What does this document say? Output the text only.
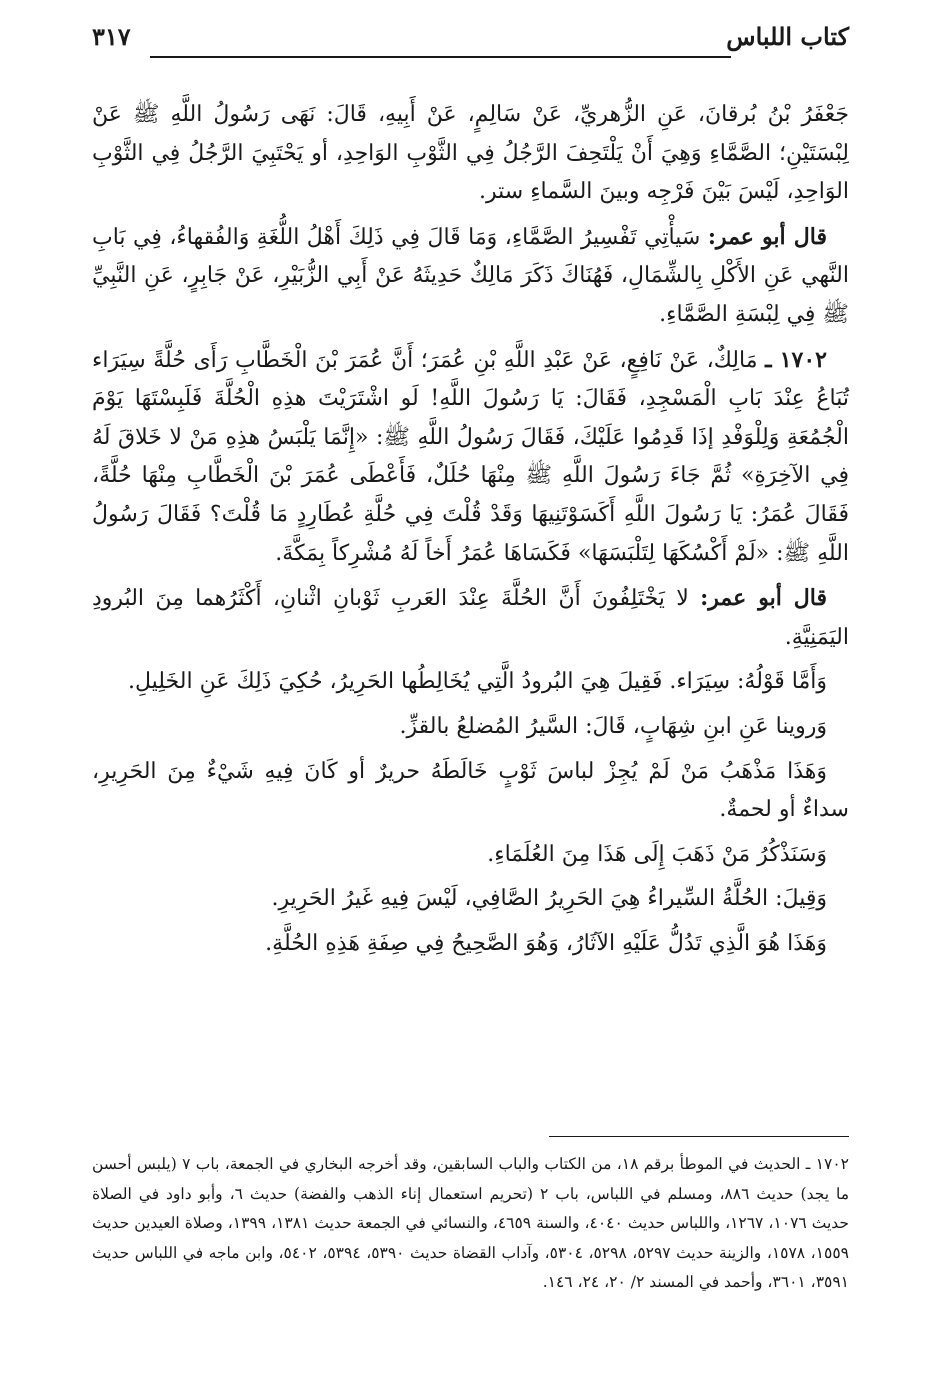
كتاب اللباس
٣١٧

جَعْفَرُ بْنُ بُرقانَ، عَنِ الزُّهريِّ، عَنْ سَالِمٍ، عَنْ أَبِيهِ، قَالَ: نَهَى رَسُولُ اللَّهِ ﷺ عَنْ لِبْسَتَيْنِ؛ الصَّمَّاءِ وَهِيَ أَنْ يَلْتَحِفَ الرَّجُلُ فِي الثَّوْبِ الوَاحِدِ، أو يَحْتَبِيَ الرَّجُلُ فِي الثَّوْبِ الوَاحِدِ، لَيْسَ بَيْنَ فَرْجِه وبينَ السَّماءِ ستر.

قال أبو عمر: سَيأْتِي تَفْسِيرُ الصَّمَّاءِ، وَمَا قَالَ فِي ذَلِكَ أَهْلُ اللُّغَةِ وَالفُقهاءُ، فِي بَابِ النَّهي عَنِ الأَكْلِ بِالشِّمَالِ، فَهُنَاكَ ذَكَرَ مَالِكٌ حَدِيثَهُ عَنْ أَبِي الزُّبَيْرِ، عَنْ جَابِرٍ، عَنِ النَّبِيِّ ﷺ فِي لِبْسَةِ الصَّمَّاءِ.

١٧٠٢ ـ مَالِكٌ، عَنْ نَافِعٍ، عَنْ عَبْدِ اللَّهِ بْنِ عُمَرَ؛ أَنَّ عُمَرَ بْنَ الْخَطَّابِ رَأَى حُلَّةً سِيَرَاء تُبَاعُ عِنْدَ بَابِ الْمَسْجِدِ، فَقَالَ: يَا رَسُولَ اللَّهِ! لَو اشْتَرَيْتَ هذِهِ الْحُلَّةَ فَلَبِسْتَهَا يَوْمَ الْجُمُعَةِ وَلِلْوَفْدِ إذَا قَدِمُوا عَلَيْكَ، فَقَالَ رَسُولُ اللَّهِ ﷺ: «إِنَّمَا يَلْبَسُ هذِهِ مَنْ لا خَلاقَ لَهُ فِي الآخِرَةِ» ثُمَّ جَاءَ رَسُولَ اللَّهِ ﷺ مِنْهَا حُلَلٌ، فَأَعْطَى عُمَرَ بْنَ الْخَطَّابِ مِنْهَا حُلَّةً، فَقَالَ عُمَرُ: يَا رَسُولَ اللَّهِ أَكَسَوْتَنِيهَا وَقَدْ قُلْتَ فِي حُلَّةِ عُطَارِدٍ مَا قُلْتَ؟ فَقَالَ رَسُولُ اللَّهِ ﷺ: «لَمْ أَكْسُكَهَا لِتَلْبَسَهَا» فَكَسَاهَا عُمَرُ أَخاً لَهُ مُشْرِكاً بِمَكَّةَ.

قال أبو عمر: لا يَخْتَلِفُونَ أَنَّ الحُلَّةَ عِنْدَ العَربِ ثَوْبانِ اثْنانِ، أَكْثَرُهما مِنَ البُرودِ اليَمَنِيَّةِ.

وَأَمَّا قَوْلُهُ: سِيَرَاء. فَقِيلَ هِيَ البُرودُ الَّتِي يُخَالِطُها الحَرِيرُ، حُكِيَ ذَلِكَ عَنِ الخَلِيلِ.

وَروينا عَنِ ابنِ شِهَابٍ، قَالَ: السَّيرُ المُضلعُ بالقزِّ.

وَهَذَا مَذْهَبُ مَنْ لَمْ يُجِزْ لباسَ ثَوْبٍ خَالَطَهُ حريرٌ أو كَانَ فِيهِ شَيْءٌ مِنَ الحَرِيرِ، سداءٌ أو لحمةٌ.

وَسَنَذْكُرُ مَنْ ذَهَبَ إِلَى هَذَا مِنَ العُلَمَاءِ.

وَقِيلَ: الحُلَّةُ السِّيراءُ هِيَ الحَرِيرُ الصَّافِي، لَيْسَ فِيهِ غَيرُ الحَرِيرِ.

وَهَذَا هُوَ الَّذِي تَدُلُّ عَلَيْهِ الآثَارُ، وَهُوَ الصَّحِيحُ فِي صِفَةِ هَذِهِ الحُلَّةِ.

١٧٠٢ ـ الحديث في الموطأ برقم ١٨، من الكتاب والباب السابقين، وقد أخرجه البخاري في الجمعة، باب ٧ (يلبس أحسن ما يجد) حديث ٨٨٦، ومسلم في اللباس، باب ٢ (تحريم استعمال إناء الذهب والفضة) حديث ٦، وأبو داود في الصلاة حديث ١٠٧٦، ١٢٦٧، واللباس حديث ٤٠٤٠، والسنة ٤٦٥٩، والنسائي في الجمعة حديث ١٣٨١، ١٣٩٩، وصلاة العيدين حديث ١٥٥٩، ١٥٧٨، والزينة حديث ٥٢٩٧، ٥٢٩٨، ٥٣٠٤، وآداب القضاة حديث ٥٣٩٠، ٥٣٩٤، ٥٤٠٢، وابن ماجه في اللباس حديث ٣٥٩١، ٣٦٠١، وأحمد في المسند ٢/ ٢٠، ٢٤، ١٤٦.
